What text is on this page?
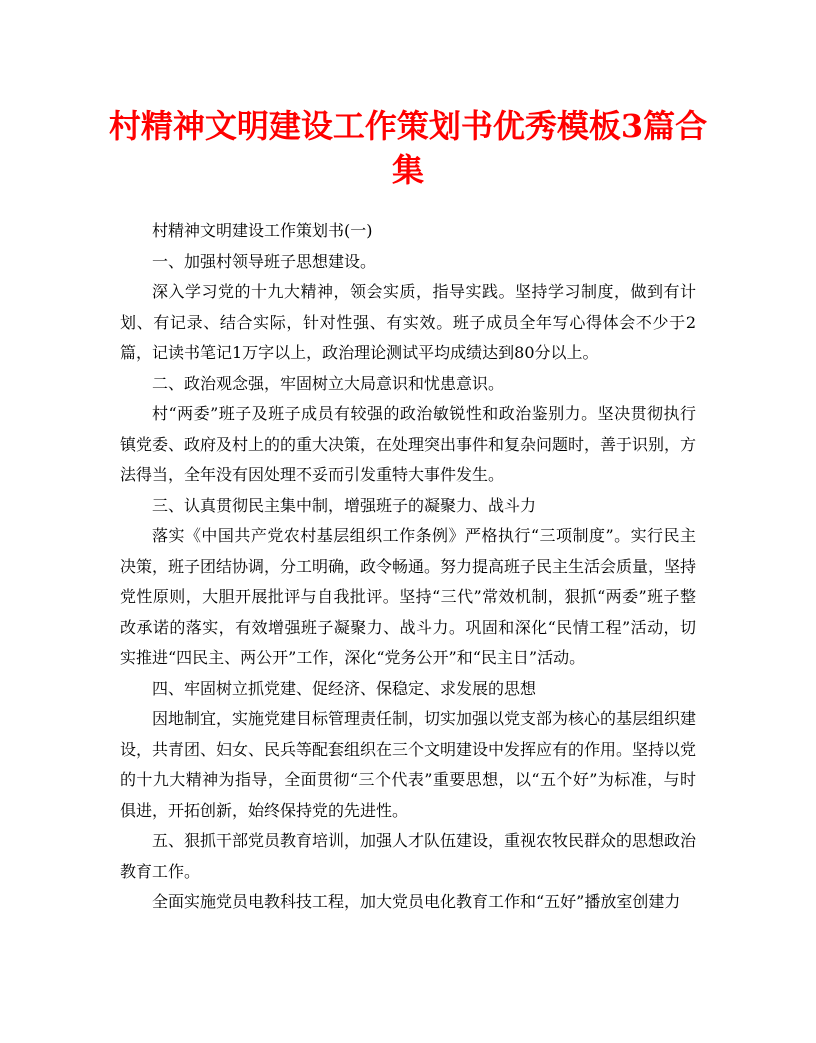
村精神文明建设工作策划书优秀模板3篇合集

村精神文明建设工作策划书(一)

一、加强村领导班子思想建设。

深入学习党的十九大精神，领会实质，指导实践。坚持学习制度，做到有计划、有记录、结合实际，针对性强、有实效。班子成员全年写心得体会不少于2篇，记读书笔记1万字以上，政治理论测试平均成绩达到80分以上。

二、政治观念强，牢固树立大局意识和忧患意识。

村“两委”班子及班子成员有较强的政治敏锐性和政治鉴别力。坚决贯彻执行镇党委、政府及村上的的重大决策，在处理突出事件和复杂问题时，善于识别，方法得当，全年没有因处理不妥而引发重特大事件发生。

三、认真贯彻民主集中制，增强班子的凝聚力、战斗力

落实《中国共产党农村基层组织工作条例》严格执行“三项制度”。实行民主决策，班子团结协调，分工明确，政令畅通。努力提高班子民主生活会质量，坚持党性原则，大胆开展批评与自我批评。坚持“三代”常效机制，狠抓“两委”班子整改承诺的落实，有效增强班子凝聚力、战斗力。巩固和深化“民情工程”活动，切实推进“四民主、两公开”工作，深化“党务公开”和“民主日”活动。

四、牢固树立抓党建、促经济、保稳定、求发展的思想

因地制宜，实施党建目标管理责任制，切实加强以党支部为核心的基层组织建设，共青团、妇女、民兵等配套组织在三个文明建设中发挥应有的作用。坚持以党的十九大精神为指导，全面贯彻“三个代表”重要思想，以“五个好”为标准，与时俱进，开拓创新，始终保持党的先进性。

五、狠抓干部党员教育培训，加强人才队伍建设，重视农牧民群众的思想政治教育工作。

全面实施党员电教科技工程，加大党员电化教育工作和“五好”播放室创建力
